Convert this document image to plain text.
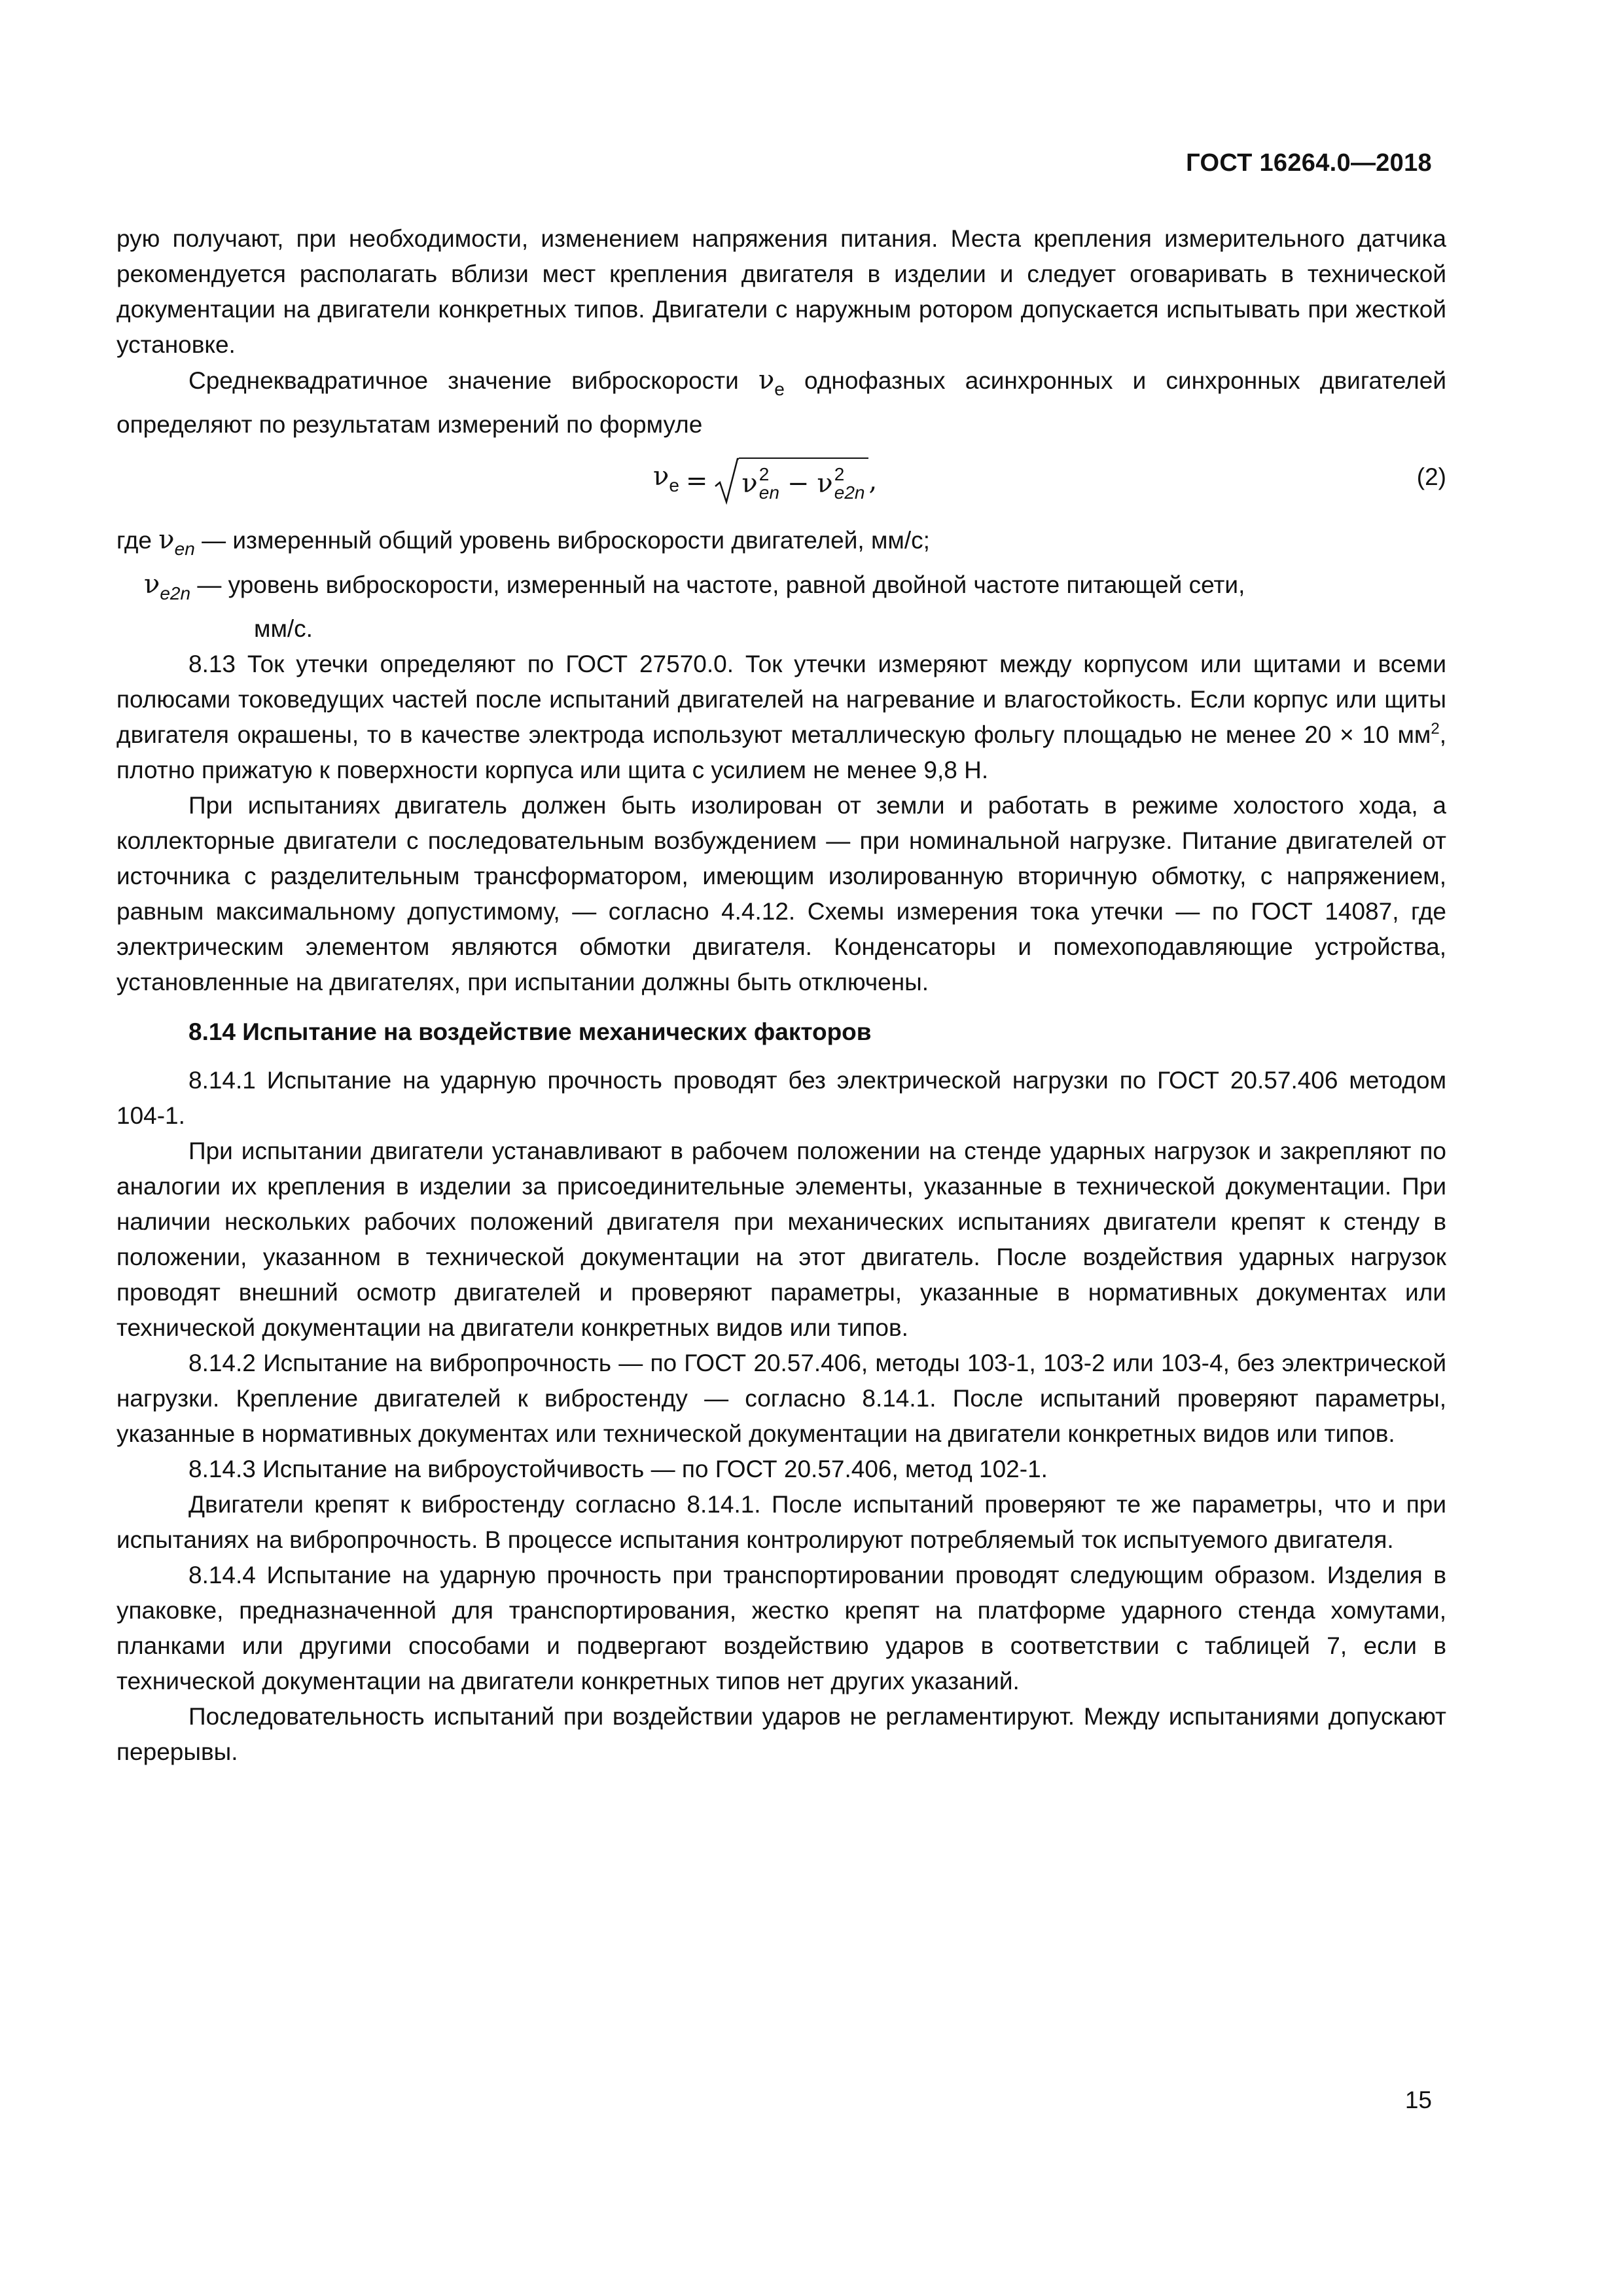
ГОСТ 16264.0—2018

рую получают, при необходимости, изменением напряжения питания. Места крепления измерительного датчика рекомендуется располагать вблизи мест крепления двигателя в изделии и следует оговаривать в технической документации на двигатели конкретных типов. Двигатели с наружным ротором допускается испытывать при жесткой установке.

Среднеквадратичное значение виброскорости $\nu_e$ однофазных асинхронных и синхронных двигателей определяют по результатам измерений по формуле

$\nu_e = \nu$ 2
en − ν 2
e2n ,	(2)
где $\nu_{en}$ — измеренный общий уровень виброскорости двигателей, мм/с;
$\nu_{e2n}$ — уровень виброскорости, измеренный на частоте, равной двойной частоте питающей сети,
мм/с.

8.13 Ток утечки определяют по ГОСТ 27570.0. Ток утечки измеряют между корпусом или щитами и всеми полюсами токоведущих частей после испытаний двигателей на нагревание и влагостойкость. Если корпус или щиты двигателя окрашены, то в качестве электрода используют металлическую фольгу площадью не менее 20 × 10 $мм^2$, плотно прижатую к поверхности корпуса или щита с усилием не менее 9,8 Н.

При испытаниях двигатель должен быть изолирован от земли и работать в режиме холостого хода, а коллекторные двигатели с последовательным возбуждением — при номинальной нагрузке. Питание двигателей от источника с разделительным трансформатором, имеющим изолированную вторичную обмотку, с напряжением, равным максимальному допустимому, — согласно 4.4.12. Схемы измерения тока утечки — по ГОСТ 14087, где электрическим элементом являются обмотки двигателя. Конденсаторы и помехоподавляющие устройства, установленные на двигателях, при испытании должны быть отключены.

8.14 Испытание на воздействие механических факторов

8.14.1 Испытание на ударную прочность проводят без электрической нагрузки по ГОСТ 20.57.406 методом 104-1.

При испытании двигатели устанавливают в рабочем положении на стенде ударных нагрузок и закрепляют по аналогии их крепления в изделии за присоединительные элементы, указанные в технической документации. При наличии нескольких рабочих положений двигателя при механических испытаниях двигатели крепят к стенду в положении, указанном в технической документации на этот двигатель. После воздействия ударных нагрузок проводят внешний осмотр двигателей и проверяют параметры, указанные в нормативных документах или технической документации на двигатели конкретных видов или типов.

8.14.2 Испытание на вибропрочность — по ГОСТ 20.57.406, методы 103-1, 103-2 или 103-4, без электрической нагрузки. Крепление двигателей к вибростенду — согласно 8.14.1. После испытаний проверяют параметры, указанные в нормативных документах или технической документации на двигатели конкретных видов или типов.

8.14.3 Испытание на виброустойчивость — по ГОСТ 20.57.406, метод 102-1.

Двигатели крепят к вибростенду согласно 8.14.1. После испытаний проверяют те же параметры, что и при испытаниях на вибропрочность. В процессе испытания контролируют потребляемый ток испытуемого двигателя.

8.14.4 Испытание на ударную прочность при транспортировании проводят следующим образом. Изделия в упаковке, предназначенной для транспортирования, жестко крепят на платформе ударного стенда хомутами, планками или другими способами и подвергают воздействию ударов в соответствии с таблицей 7, если в технической документации на двигатели конкретных типов нет других указаний.

Последовательность испытаний при воздействии ударов не регламентируют. Между испытаниями допускают перерывы.

15
